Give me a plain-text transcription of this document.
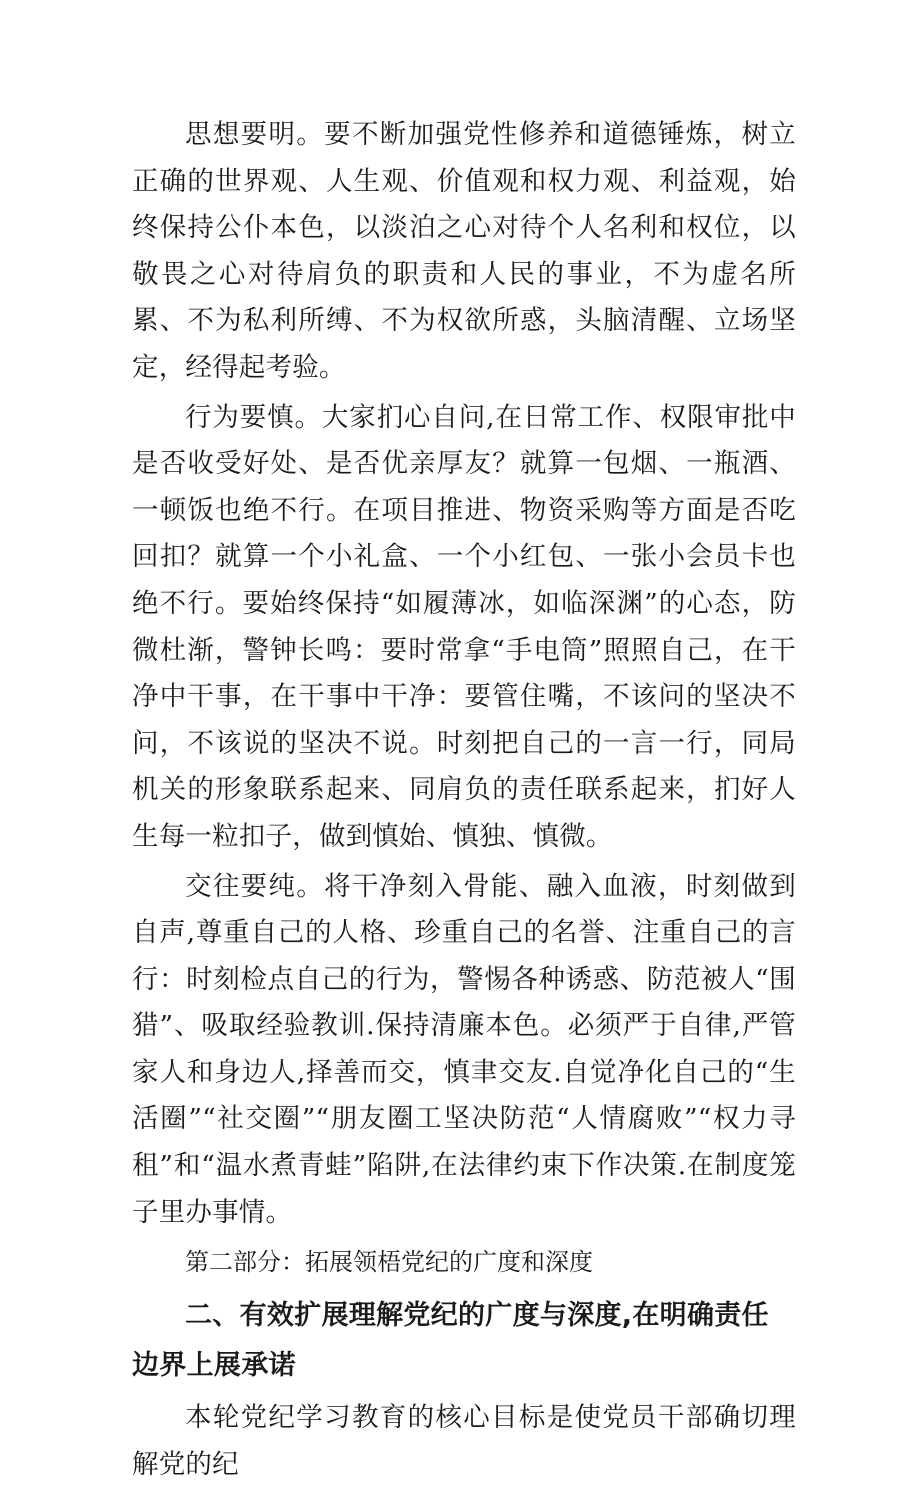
思想要明。要不断加强党性修养和道德锤炼，树立正确的世界观、人生观、价值观和权力观、利益观，始终保持公仆本色，以淡泊之心对待个人名利和权位，以敬畏之心对待肩负的职责和人民的事业，不为虚名所累、不为私利所缚、不为权欲所惑，头脑清醒、立场坚定，经得起考验。

行为要慎。大家扪心自问,在日常工作、权限审批中是否收受好处、是否优亲厚友？就算一包烟、一瓶酒、一顿饭也绝不行。在项目推进、物资采购等方面是否吃回扣？就算一个小礼盒、一个小红包、一张小会员卡也绝不行。要始终保持“如履薄冰，如临深渊”的心态，防微杜渐，警钟长鸣：要时常拿“手电筒”照照自己，在干净中干事，在干事中干净：要管住嘴，不该问的坚决不问，不该说的坚决不说。时刻把自己的一言一行，同局机关的形象联系起来、同肩负的责任联系起来，扪好人生每一粒扣子，做到慎始、慎独、慎微。

交往要纯。将干净刻入骨能、融入血液，时刻做到自声,尊重自己的人格、珍重自己的名誉、注重自己的言行：时刻检点自己的行为，警惕各种诱惑、防范被人“围猎”、吸取经验教训.保持清廉本色。必须严于自律,严管家人和身边人,择善而交，慎聿交友.自觉净化自己的“生活圈”“社交圈”“朋友圈工坚决防范“人情腐败”“权力寻租”和“温水煮青蛙”陷阱,在法律约束下作决策.在制度笼子里办事情。

第二部分：拓展领梧党纪的广度和深度

二、有效扩展理解党纪的广度与深度,在明确责任边界上展承诺

本轮党纪学习教育的核心目标是使党员干部确切理解党的纪
